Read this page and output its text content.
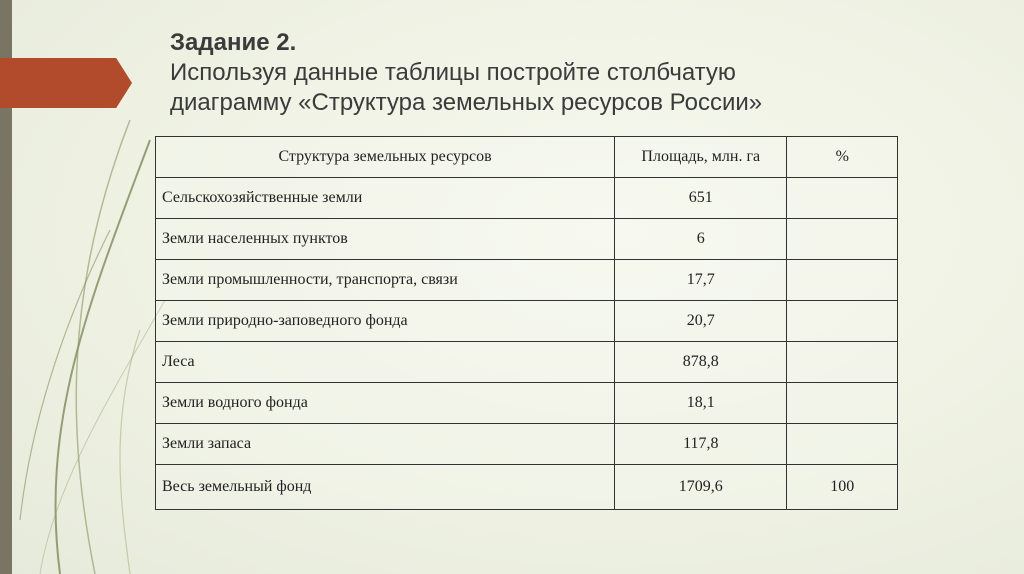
Задание 2.
Используя данные таблицы постройте столбчатую
диаграмму «Структура земельных ресурсов России»
Структура земельных ресурсов	Площадь, млн. га	%
Сельскохозяйственные земли	651	
Земли населенных пунктов	6	
Земли промышленности, транспорта, связи	17,7	
Земли природно-заповедного фонда	20,7	
Леса	878,8	
Земли водного фонда	18,1	
Земли запаса	117,8	
Весь земельный фонд	1709,6	100
